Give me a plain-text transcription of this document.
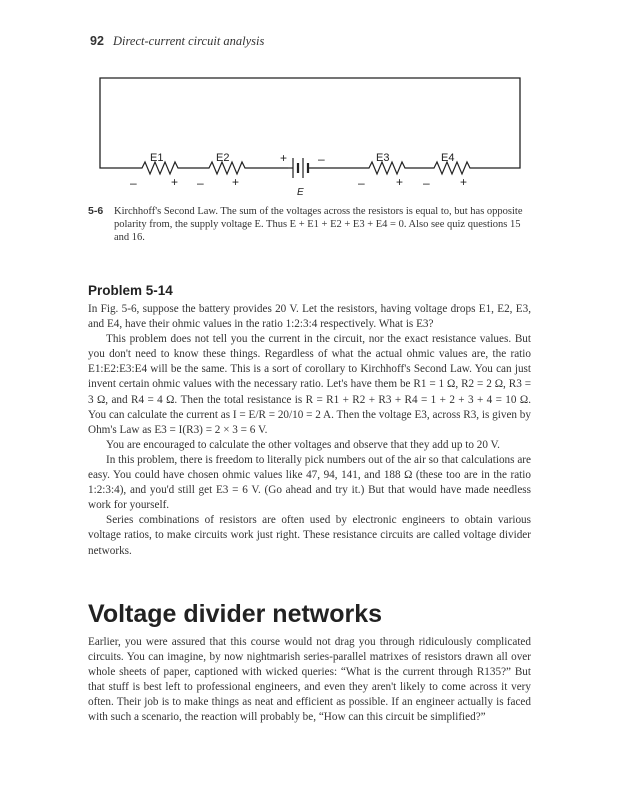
92 Direct-current circuit analysis
E1	E2	E3	E4
E
–	+ – +
+	–
–	+ –	+
5-6	Kirchhoff's Second Law. The sum of the voltages across the resistors is equal to, but has opposite polarity from, the supply voltage E. Thus E + E1 + E2 + E3 + E4 = 0. Also see quiz questions 15 and 16.
Problem 5-14

In Fig. 5-6, suppose the battery provides 20 V. Let the resistors, having voltage drops E1, E2, E3, and E4, have their ohmic values in the ratio 1:2:3:4 respectively. What is E3?

This problem does not tell you the current in the circuit, nor the exact resistance values. But you don't need to know these things. Regardless of what the actual ohmic values are, the ratio E1:E2:E3:E4 will be the same. This is a sort of corollary to Kirchhoff's Second Law. You can just invent certain ohmic values with the necessary ratio. Let's have them be R1 = 1 Ω, R2 = 2 Ω, R3 = 3 Ω, and R4 = 4 Ω. Then the total resistance is R = R1 + R2 + R3 + R4 = 1 + 2 + 3 + 4 = 10 Ω. You can calculate the current as I = E/R = 20/10 = 2 A. Then the voltage E3, across R3, is given by Ohm's Law as E3 = I(R3) = 2 × 3 = 6 V.

You are encouraged to calculate the other voltages and observe that they add up to 20 V.

In this problem, there is freedom to literally pick numbers out of the air so that calculations are easy. You could have chosen ohmic values like 47, 94, 141, and 188 Ω (these too are in the ratio 1:2:3:4), and you'd still get E3 = 6 V. (Go ahead and try it.) But that would have made needless work for yourself.

Series combinations of resistors are often used by electronic engineers to obtain various voltage ratios, to make circuits work just right. These resistance circuits are called voltage divider networks.

Voltage divider networks

Earlier, you were assured that this course would not drag you through ridiculously complicated circuits. You can imagine, by now nightmarish series-parallel matrixes of resistors drawn all over whole sheets of paper, captioned with wicked queries: “What is the current through R135?” But that stuff is best left to professional engineers, and even they aren't likely to come across it very often. Their job is to make things as neat and efficient as possible. If an engineer actually is faced with such a scenario, the reaction will probably be, “How can this circuit be simplified?”
